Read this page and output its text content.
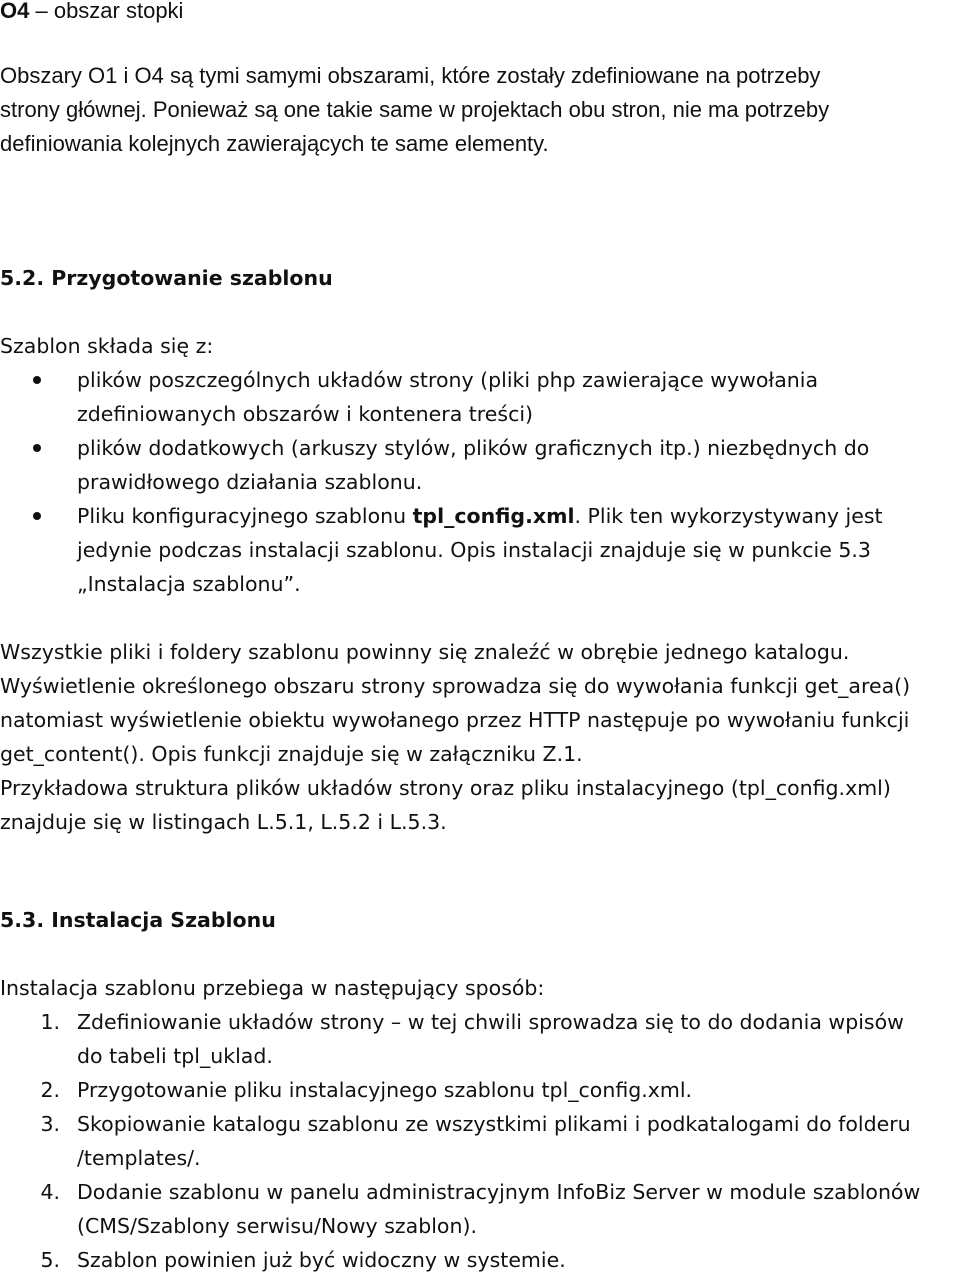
O4 – obszar stopki
Obszary O1 i O4 są tymi samymi obszarami, które zostały zdefiniowane na potrzeby
strony głównej. Ponieważ są one takie same w projektach obu stron, nie ma potrzeby
definiowania kolejnych zawierających te same elementy.
5.2. Przygotowanie szablonu
Szablon składa się z:
plików poszczególnych układów strony (pliki php zawierające wywołania
zdefiniowanych obszarów i kontenera treści)
plików dodatkowych (arkuszy stylów, plików graficznych itp.) niezbędnych do
prawidłowego działania szablonu.
Pliku konfiguracyjnego szablonu tpl_config.xml. Plik ten wykorzystywany jest
jedynie podczas instalacji szablonu. Opis instalacji znajduje się w punkcie 5.3
„Instalacja szablonu”.
Wszystkie pliki i foldery szablonu powinny się znaleźć w obrębie jednego katalogu.
Wyświetlenie określonego obszaru strony sprowadza się do wywołania funkcji get_area()
natomiast wyświetlenie obiektu wywołanego przez HTTP następuje po wywołaniu funkcji
get_content(). Opis funkcji znajduje się w załączniku Z.1.
Przykładowa struktura plików układów strony oraz pliku instalacyjnego (tpl_config.xml)
znajduje się w listingach L.5.1, L.5.2 i L.5.3.
5.3. Instalacja Szablonu
Instalacja szablonu przebiega w następujący sposób:
1. Zdefiniowanie układów strony – w tej chwili sprowadza się to do dodania wpisów
do tabeli tpl_uklad.
2. Przygotowanie pliku instalacyjnego szablonu tpl_config.xml.
3. Skopiowanie katalogu szablonu ze wszystkimi plikami i podkatalogami do folderu
/templates/.
4. Dodanie szablonu w panelu administracyjnym InfoBiz Server w module szablonów
(CMS/Szablony serwisu/Nowy szablon).
5. Szablon powinien już być widoczny w systemie.
